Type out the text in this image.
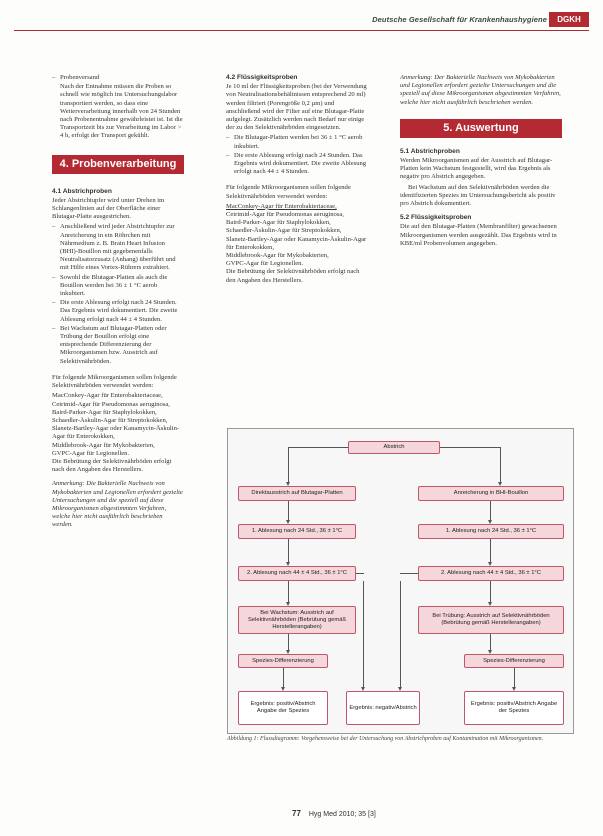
Deutsche Gesellschaft für Krankenhaushygiene	DGKH
– Probenversand

Nach der Entnahme müssen die Proben so schnell wie möglich ins Untersuchungslabor transportiert werden, so dass eine Weiterverarbeitung innerhalb von 24 Stunden nach Probenentnahme gewährleistet ist. Ist die Transportzeit bis zur Verarbeitung im Labor > 4 h, erfolgt der Transport gekühlt.

4. Probenverarbeitung
4.1 Abstrichproben

Jeder Abstrichtupfer wird unter Drehen im Schlangenlinien auf der Oberfläche einer Blutagar-Platte ausgestrichen.

– Anschließend wird jeder Abstrichtupfer zur Anreicherung in ein Röhrchen mit Nährmedium z. B. Brain Heart Infusion (BHI)-Bouillon mit gegebenenfalls Neutralisatorzusatz (Anhang) überführt und mit Hilfe eines Vortex-Rührers extrahiert.
– Sowohl die Blutagar-Platten als auch die Bouillon werden bei 36 ± 1 °C aerob inkubiert.
– Die erste Ablesung erfolgt nach 24 Stunden. Das Ergebnis wird dokumentiert. Die zweite Ablesung erfolgt nach 44 ± 4 Stunden.
– Bei Wachstum auf Blutagar-Platten oder Trübung der Bouillon erfolgt eine entsprechende Differenzierung der Mikroorganismen bzw. Ausstrich auf Selektivnährböden.

Für folgende Mikroorganismen sollen folgende Selektivnährböden verwendet werden:

MacConkey-Agar für Enterobakteriaceae,
Cetrimid-Agar für Pseudomonas aeruginosa,
Baird-Parker-Agar für Staphylokokken,
Schaedler-Äskulin-Agar für Streptokokken,
Slanetz-Bartley-Agar oder Kanamycin-Äskulin-Agar für Enterokokken,
Middlebrook-Agar für Mykobakterien,
GVPC-Agar für Legionellen.

Die Bebrütung der Selektivnährböden erfolgt nach den Angaben des Herstellers.

Anmerkung: Die Bakterielle Nachweis von Mykobakterien und Legionellen erfordert gezielte Untersuchungen und die speziell auf diese Mikroorganismen abgestimmten Verfahren, welche hier nicht ausführlich beschrieben werden.

4.2 Flüssigkeitsproben

Je 10 ml der Flüssigkeitsproben (bei der Verwendung von Neutralisationsbehältnissen entsprechend 20 ml) werden filtriert (Porengröße 0,2 µm) und anschließend wird der Filter auf eine Blutagar-Platte aufgelegt. Zusätzlich werden nach Bedarf nur einige der zu den Selektivnährböden eingesetzten.

– Die Blutagar-Platten werden bei 36 ± 1 °C aerob inkubiert.
– Die erste Ablesung erfolgt nach 24 Stunden. Das Ergebnis wird dokumentiert. Die zweite Ablesung erfolgt nach 44 ± 4 Stunden.

Für folgende Mikroorganismen sollen folgende Selektivnährböden verwendet werden:

MacConkey-Agar für Enterobakteriaceae,
Cetrimid-Agar für Pseudomonas aeruginosa,
Baird-Parker-Agar für Staphylokokken,
Schaedler-Äskulin-Agar für Streptokokken,
Slanetz-Bartley-Agar oder Kanamycin-Äskulin-Agar für Enterokokken,
Middlebrook-Agar für Mykobakterien,
GVPC-Agar für Legionellen.

Die Bebrütung der Selektivnährböden erfolgt nach den Angaben des Herstellers.

Anmerkung: Der Bakterielle Nachweis von Mykobakterien und Legionellen erfordert gezielte Untersuchungen und die speziell auf diese Mikroorganismen abgestimmten Verfahren, welche hier nicht ausführlich beschrieben werden.

5. Auswertung
5.1 Abstrichproben

Werden Mikroorganismen auf der Ausstrich auf Blutagar-Platten kein Wachstum festgestellt, wird das Ergebnis als negativ pro Abstrich angegeben.

Bei Wachstum auf den Selektivnährböden werden die identifizierten Spezies im Untersuchungsbericht als positiv pro Abstrich dokumentiert.

5.2 Flüssigkeitsproben

Die auf den Blutagar-Platten (Membranfilter) gewachsenen Mikroorganismen werden ausgezählt. Das Ergebnis wird in KBE/ml Probenvolumen angegeben.

Abstrich
Direktausstrich auf Blutagar-Platten	Anreicherung in BHI-Bouillon
1. Ablesung nach 24 Std., 36 ± 1°C	1. Ablesung nach 24 Std., 36 ± 1°C
2. Ablesung nach 44 ± 4 Std., 36 ± 1°C	2. Ablesung nach 44 ± 4 Std., 36 ± 1°C
Bei Wachstum: Ausstrich auf Selektivnährböden (Bebrütung gemäß Herstellerangaben)
Bei Trübung: Ausstrich auf Selektivnährböden (Bebrütung gemäß Herstellerangaben)
Spezies-Differenzierung	Spezies-Differenzierung
Ergebnis: positiv/Abstrich Angabe der Spezies
Ergebnis: negativ/Abstrich
Ergebnis: positiv/Abstrich Angabe der Spezies
Abbildung 1: Flussdiagramm: Vorgehensweise bei der Untersuchung von Abstrichproben auf Kontamination mit Mikroorganismen.
77 Hyg Med 2010; 35 [3]
